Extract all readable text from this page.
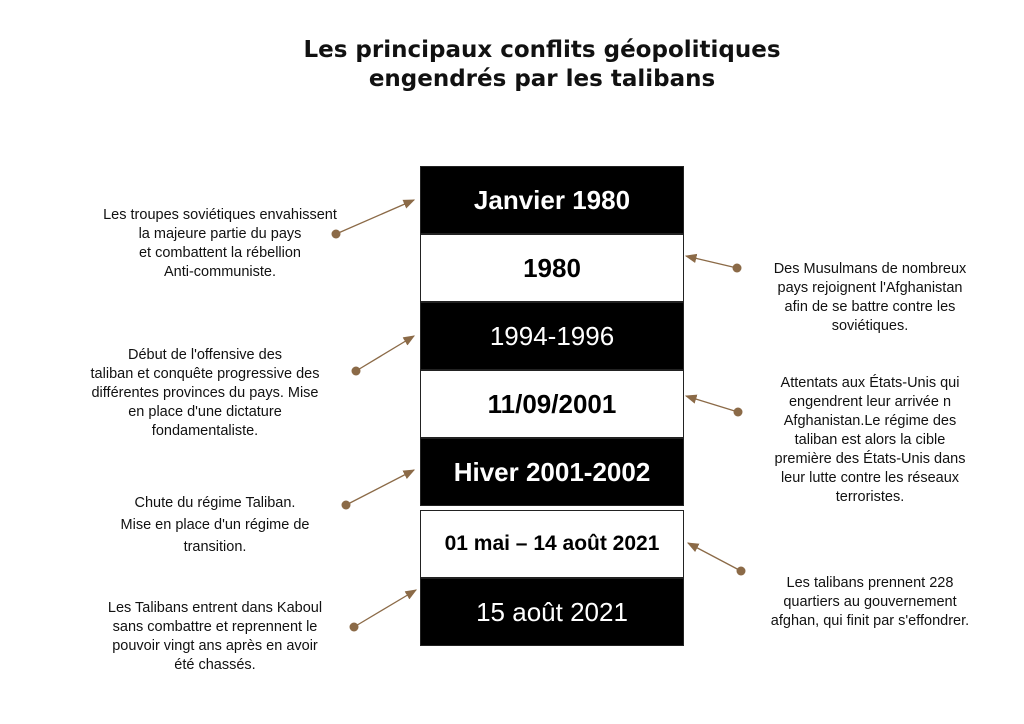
Les principaux conflits géopolitiques
engendrés par les talibans
Janvier 1980
1980
1994-1996
11/09/2001
Hiver 2001-2002
01 mai – 14 août 2021
15 août 2021
Les troupes soviétiques envahissent
la majeure partie du pays
et combattent la rébellion
Anti-communiste.
Début de l'offensive des
taliban et conquête progressive des
différentes provinces du pays. Mise
en place d'une dictature
fondamentaliste.
Chute du régime Taliban.
Mise en place d'un régime de
transition.
Les Talibans entrent dans Kaboul
sans combattre et reprennent le
pouvoir vingt ans après en avoir
été chassés.
Des Musulmans de nombreux
pays rejoignent l'Afghanistan
afin de se battre contre les
soviétiques.
Attentats aux États-Unis qui
engendrent leur arrivée n
Afghanistan.Le régime des
taliban est alors la cible
première des États-Unis dans
leur lutte contre les réseaux
terroristes.
Les talibans prennent 228
quartiers au gouvernement
afghan, qui finit par s'effondrer.
